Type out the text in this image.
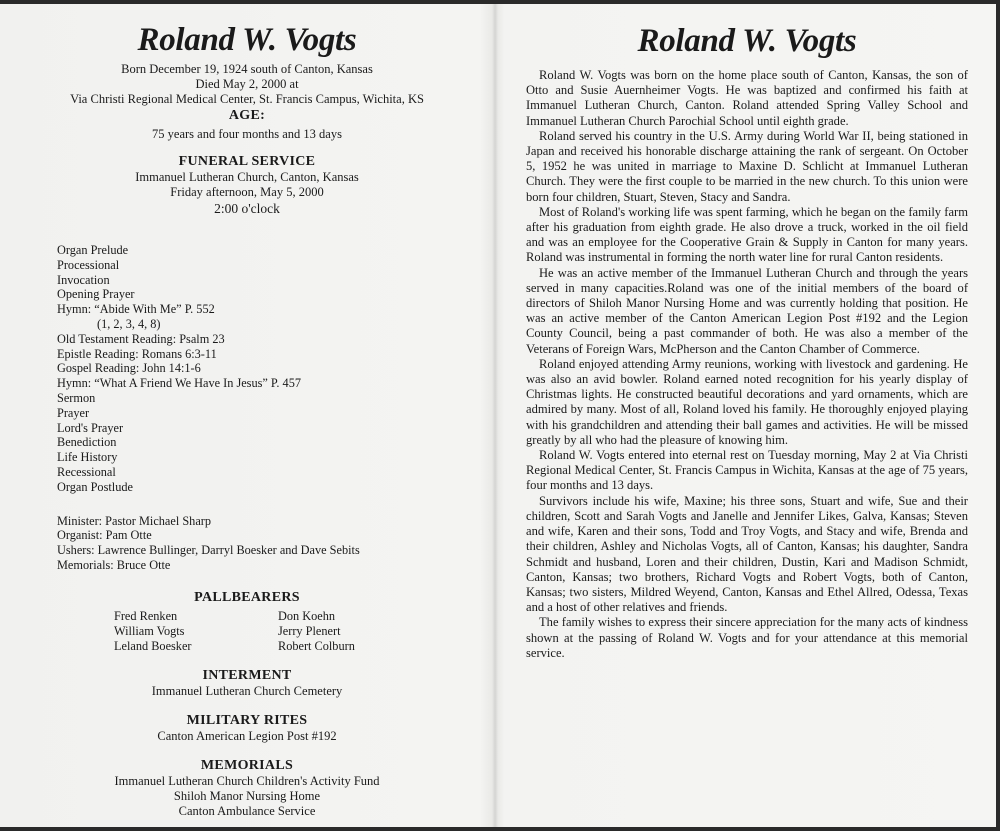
Roland W. Vogts
Born December 19, 1924 south of Canton, Kansas
Died May 2, 2000 at
Via Christi Regional Medical Center, St. Francis Campus, Wichita, KS
AGE:
75 years and four months and 13 days
FUNERAL SERVICE
Immanuel Lutheran Church, Canton, Kansas
Friday afternoon, May 5, 2000
2:00 o'clock
Organ Prelude
Processional
Invocation
Opening Prayer
Hymn: “Abide With Me” P. 552
(1, 2, 3, 4, 8)
Old Testament Reading: Psalm 23
Epistle Reading: Romans 6:3-11
Gospel Reading: John 14:1-6
Hymn: “What A Friend We Have In Jesus” P. 457
Sermon
Prayer
Lord's Prayer
Benediction
Life History
Recessional
Organ Postlude
Minister: Pastor Michael Sharp
Organist: Pam Otte
Ushers: Lawrence Bullinger, Darryl Boesker and Dave Sebits
Memorials: Bruce Otte
PALLBEARERS
Fred Renken
William Vogts
Leland Boesker
Don Koehn
Jerry Plenert
Robert Colburn
INTERMENT
Immanuel Lutheran Church Cemetery
MILITARY RITES
Canton American Legion Post #192
MEMORIALS
Immanuel Lutheran Church Children's Activity Fund
Shiloh Manor Nursing Home
Canton Ambulance Service
Roland W. Vogts

Roland W. Vogts was born on the home place south of Canton, Kansas, the son of Otto and Susie Auernheimer Vogts. He was baptized and confirmed his faith at Immanuel Lutheran Church, Canton. Roland attended Spring Valley School and Immanuel Lutheran Church Parochial School until eighth grade.

Roland served his country in the U.S. Army during World War II, being stationed in Japan and received his honorable discharge attaining the rank of sergeant. On October 5, 1952 he was united in marriage to Maxine D. Schlicht at Immanuel Lutheran Church. They were the first couple to be married in the new church. To this union were born four children, Stuart, Steven, Stacy and Sandra.

Most of Roland's working life was spent farming, which he began on the family farm after his graduation from eighth grade. He also drove a truck, worked in the oil field and was an employee for the Cooperative Grain & Supply in Canton for many years. Roland was instrumental in forming the north water line for rural Canton residents.

He was an active member of the Immanuel Lutheran Church and through the years served in many capacities.Roland was one of the initial members of the board of directors of Shiloh Manor Nursing Home and was currently holding that position. He was an active member of the Canton American Legion Post #192 and the Legion County Council, being a past commander of both. He was also a member of the Veterans of Foreign Wars, McPherson and the Canton Chamber of Commerce.

Roland enjoyed attending Army reunions, working with livestock and gardening. He was also an avid bowler. Roland earned noted recognition for his yearly display of Christmas lights. He constructed beautiful decorations and yard ornaments, which are admired by many. Most of all, Roland loved his family. He thoroughly enjoyed playing with his grandchildren and attending their ball games and activities. He will be missed greatly by all who had the pleasure of knowing him.

Roland W. Vogts entered into eternal rest on Tuesday morning, May 2 at Via Christi Regional Medical Center, St. Francis Campus in Wichita, Kansas at the age of 75 years, four months and 13 days.

Survivors include his wife, Maxine; his three sons, Stuart and wife, Sue and their children, Scott and Sarah Vogts and Janelle and Jennifer Likes, Galva, Kansas; Steven and wife, Karen and their sons, Todd and Troy Vogts, and Stacy and wife, Brenda and their children, Ashley and Nicholas Vogts, all of Canton, Kansas; his daughter, Sandra Schmidt and husband, Loren and their children, Dustin, Kari and Madison Schmidt, Canton, Kansas; two brothers, Richard Vogts and Robert Vogts, both of Canton, Kansas; two sisters, Mildred Weyend, Canton, Kansas and Ethel Allred, Odessa, Texas and a host of other relatives and friends.

The family wishes to express their sincere appreciation for the many acts of kindness shown at the passing of Roland W. Vogts and for your attendance at this memorial service.
